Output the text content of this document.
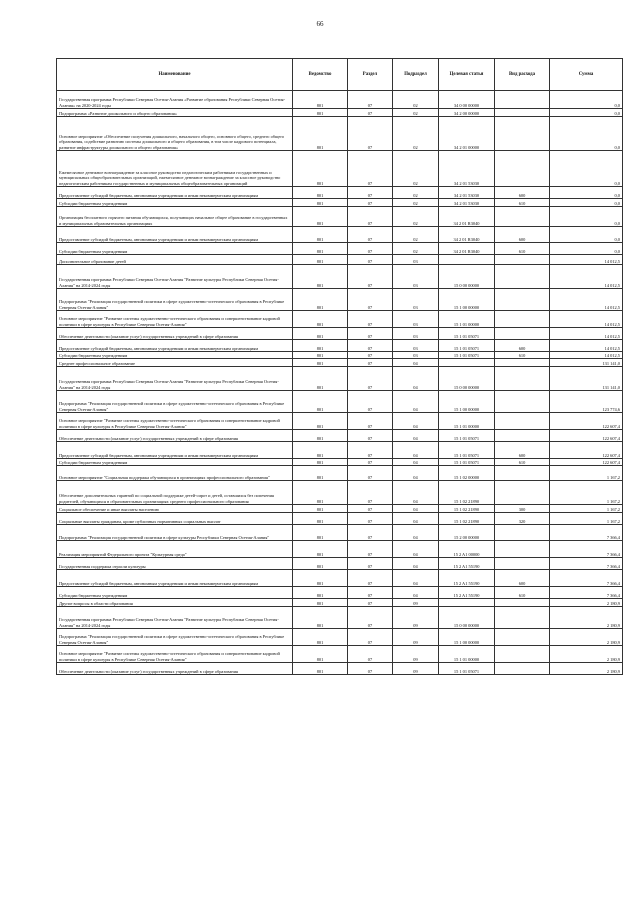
66
Наименование	Ведомство	Раздел	Подраздел	Целевая статья	Вид расхода	Сумма
Государственная программа Республики Северная Осетия-Алания «Развитие образования Республики Северная Осетия-Алания» на 2020-2024 годы	801	07	02	34 0 00 00000		0,0
Подпрограмма «Развитие дошкольного и общего образования»	801	07	02	34 2 00 00000		0,0
Основное мероприятие «Обеспечение получения дошкольного, начального общего, основного общего, среднего общего образования, содействие развитию системы дошкольного и общего образования, в том числе кадрового потенциала, развитие инфраструктуры дошкольного и общего образования»	801	07	02	34 2 01 00000		0,0
Ежемесячное денежное вознаграждение за классное руководство педагогическим работникам государственных и муниципальных общеобразовательных организаций, ежемесячное денежное вознаграждение за классное руководство педагогическим работникам государственных и муниципальных общеобразовательных организаций	801	07	02	34 2 01 53030		0,0
Предоставление субсидий бюджетным, автономным учреждениям и иным некоммерческим организациям	801	07	02	34 2 01 53030	600	0,0
Субсидии бюджетным учреждениям	801	07	02	34 2 01 53030	610	0,0
Организация бесплатного горячего питания обучающихся, получающих начальное общее образование в государственных и муниципальных образовательных организациях	801	07	02	34 2 01 R3040		0,0
Предоставление субсидий бюджетным, автономным учреждениям и иным некоммерческим организациям	801	07	02	34 2 01 R3040	600	0,0
Субсидии бюджетным учреждениям	801	07	02	34 2 01 R3040	610	0,0
Дополнительное образование детей	801	07	03			14 012,5
Государственная программа Республики Северная Осетия-Алания "Развитие культуры Республики Северная Осетия-Алания" на 2014-2024 годы	801	07	03	15 0 00 00000		14 012,5
Подпрограмма "Реализация государственной политики в сфере художественно-эстетического образования в Республике Северная Осетия-Алания"	801	07	03	15 1 00 00000		14 012,5
Основное мероприятие "Развитие системы художественно-эстетического образования и совершенствование кадровой политики в сфере культуры в Республике Северная Осетия-Алания"	801	07	03	15 1 01 00000		14 012,5
Обеспечение деятельности (оказание услуг) государственных учреждений в сфере образования	801	07	03	15 1 01 05071		14 012,5
Предоставление субсидий бюджетным, автономным учреждениям и иным некоммерческим организациям	801	07	03	15 1 01 05071	600	14 012,5
Субсидии бюджетным учреждениям	801	07	03	15 1 01 05071	610	14 012,5
Среднее профессиональное образование	801	07	04			131 141,0
Государственная программа Республики Северная Осетия-Алания "Развитие культуры Республики Северная Осетия-Алания" на 2014-2024 годы	801	07	04	15 0 00 00000		131 141,0
Подпрограмма "Реализация государственной политики в сфере художественно-эстетического образования в Республике Северная Осетия-Алания"	801	07	04	15 1 00 00000		123 774,6
Основное мероприятие "Развитие системы художественно-эстетического образования и совершенствование кадровой политики в сфере культуры в Республике Северная Осетия-Алания"	801	07	04	15 1 01 00000		122 607,4
Обеспечение деятельности (оказание услуг) государственных учреждений в сфере образования	801	07	04	15 1 01 05071		122 607,4
Предоставление субсидий бюджетным, автономным учреждениям и иным некоммерческим организациям	801	07	04	15 1 01 05071	600	122 607,4
Субсидии бюджетным учреждениям	801	07	04	15 1 01 05071	610	122 607,4
Основное мероприятие "Социальная поддержка обучающихся в организациях профессионального образования"	801	07	04	15 1 02 00000		1 167,2
Обеспечение дополнительных гарантий по социальной поддержке детей-сирот и детей, оставшихся без попечения родителей, обучающихся в образовательных организациях среднего профессионального образования	801	07	04	15 1 02 21890		1 167,2
Социальное обеспечение и иные выплаты населению	801	07	04	15 1 02 21890	300	1 167,2
Социальные выплаты гражданам, кроме публичных нормативных социальных выплат	801	07	04	15 1 02 21890	320	1 167,2
Подпрограмма "Реализация государственной политики в сфере культуры Республики Северная Осетия-Алания"	801	07	04	15 2 00 00000		7 366,4
Реализация мероприятий Федерального проекта "Культурная среда"	801	07	04	15 2 A1 00000		7 366,4
Государственная поддержка отрасли культуры	801	07	04	15 2 A1 55190		7 366,4
Предоставление субсидий бюджетным, автономным учреждениям и иным некоммерческим организациям	801	07	04	15 2 A1 55190	600	7 366,4
Субсидии бюджетным учреждениям	801	07	04	15 2 A1 55190	610	7 366,4
Другие вопросы в области образования	801	07	09			2 180,9
Государственная программа Республики Северная Осетия-Алания "Развитие культуры Республики Северная Осетия-Алания" на 2014-2024 годы	801	07	09	15 0 00 00000		2 180,9
Подпрограмма "Реализация государственной политики в сфере художественно-эстетического образования в Республике Северная Осетия-Алания"	801	07	09	15 1 00 00000		2 180,9
Основное мероприятие "Развитие системы художественно-эстетического образования и совершенствование кадровой политики в сфере культуры в Республике Северная Осетия-Алания"	801	07	09	15 1 01 00000		2 180,9
Обеспечение деятельности (оказание услуг) государственных учреждений в сфере образования	801	07	09	15 1 01 05071		2 180,9
